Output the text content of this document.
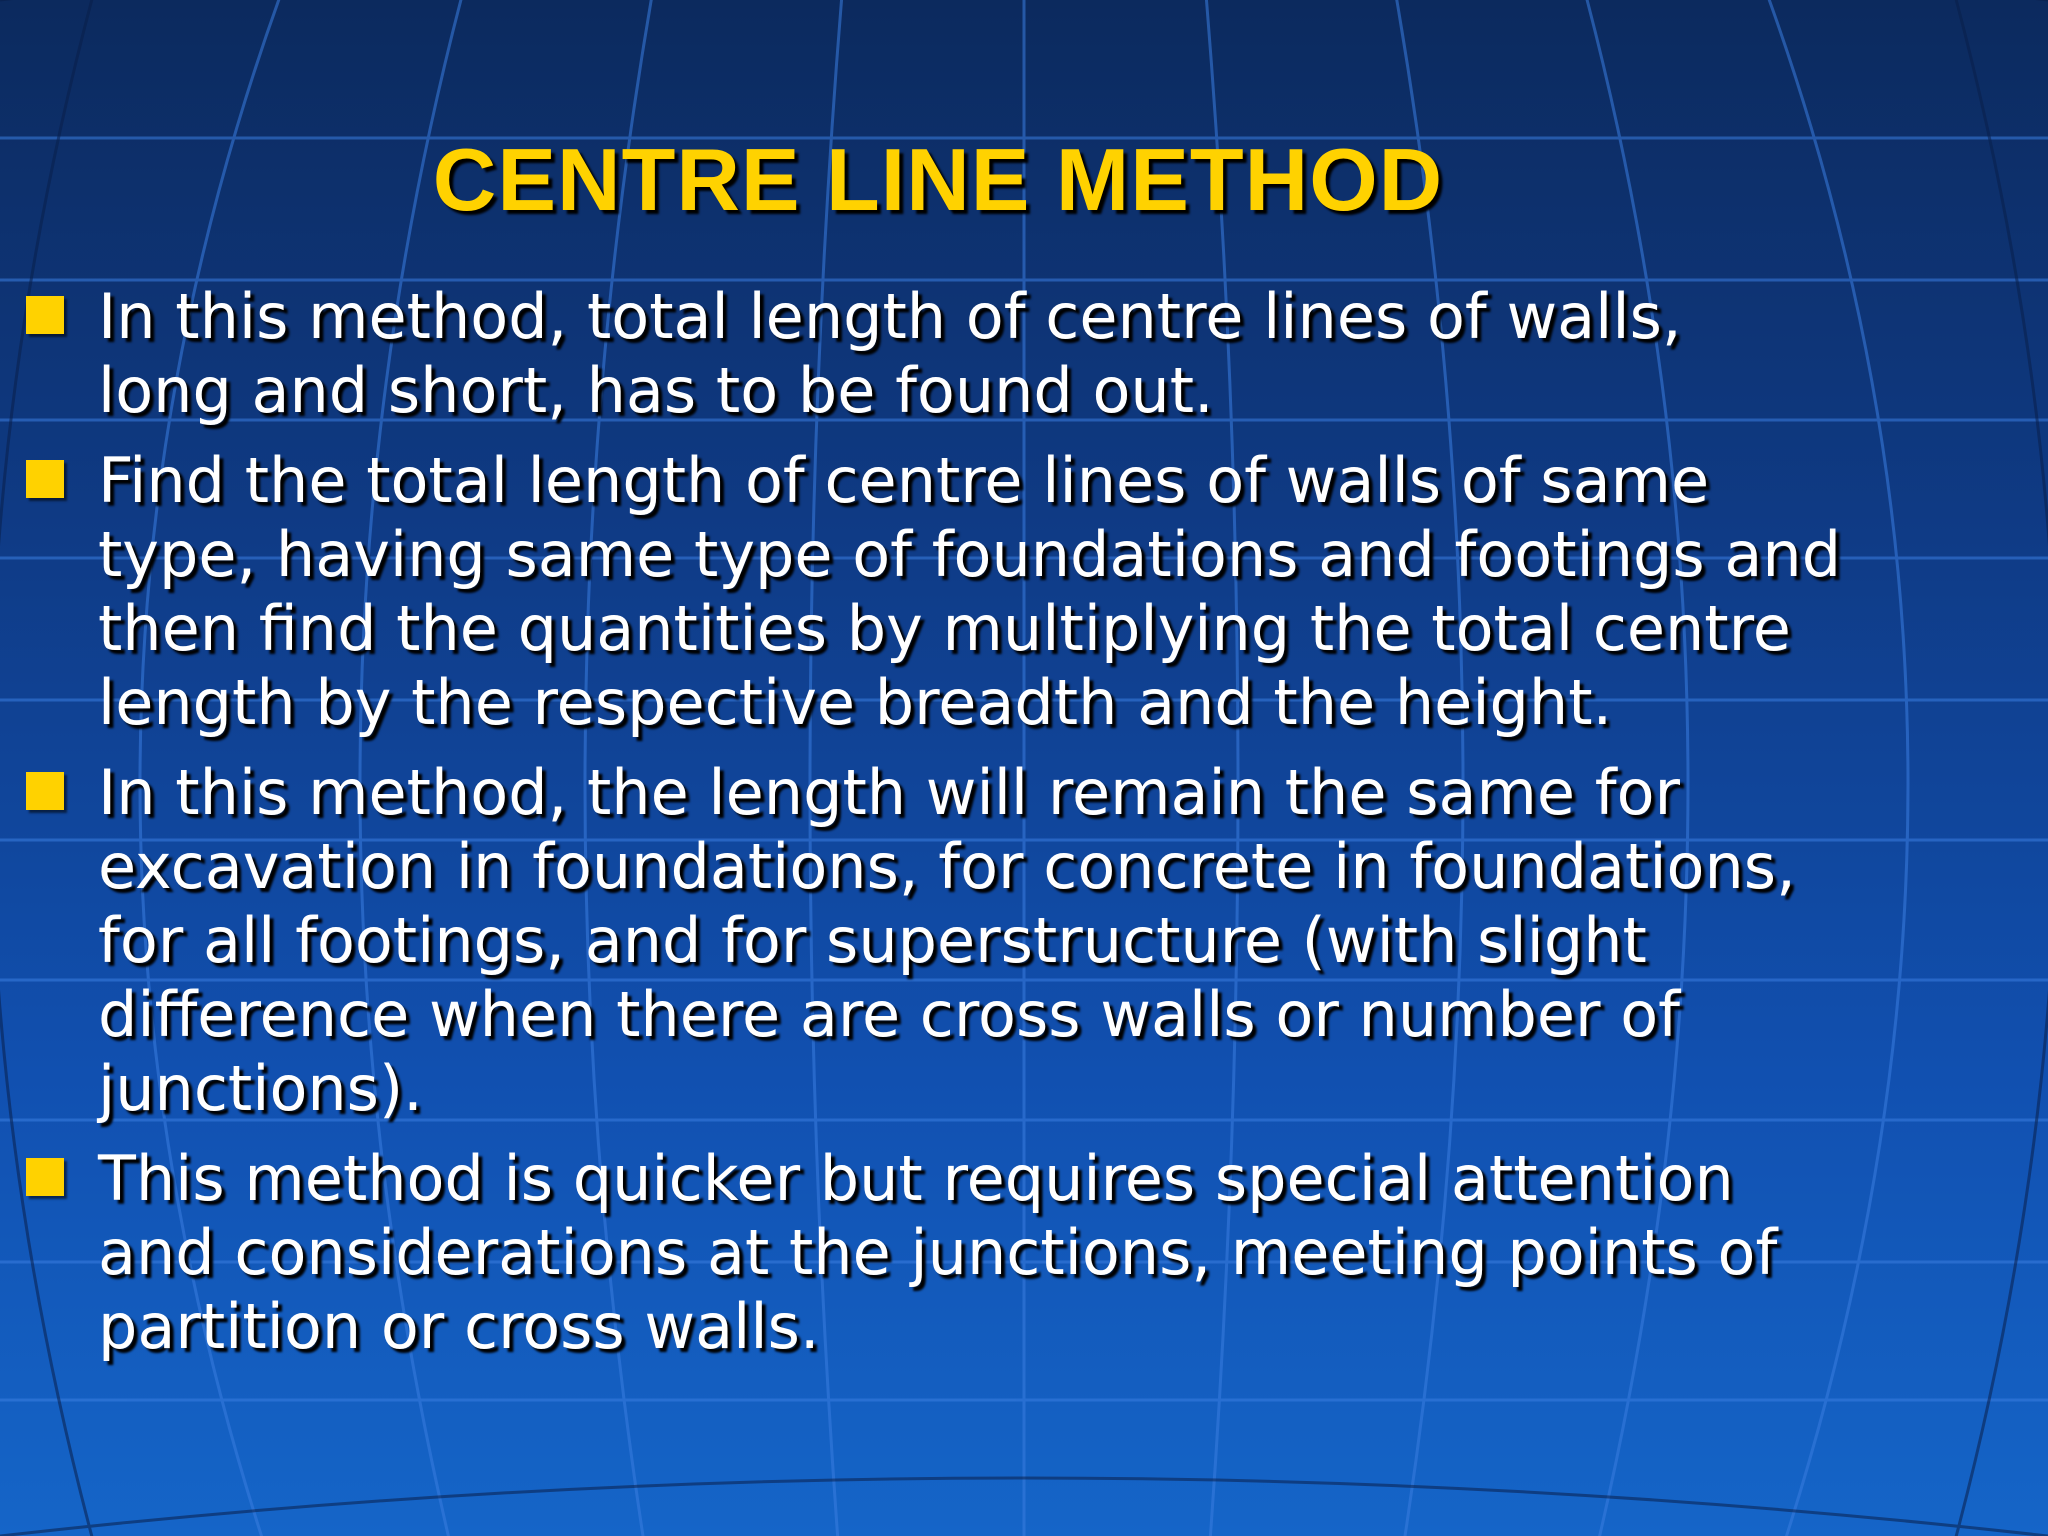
CENTRE LINE METHOD
In this method, total length of centre lines of walls,
long and short, has to be found out.
Find the total length of centre lines of walls of same
type, having same type of foundations and footings and
then find the quantities by multiplying the total centre
length by the respective breadth and the height.
In this method, the length will remain the same for
excavation in foundations, for concrete in foundations,
for all footings, and for superstructure (with slight
difference when there are cross walls or number of
junctions).
This method is quicker but requires special attention
and considerations at the junctions, meeting points of
partition or cross walls.
